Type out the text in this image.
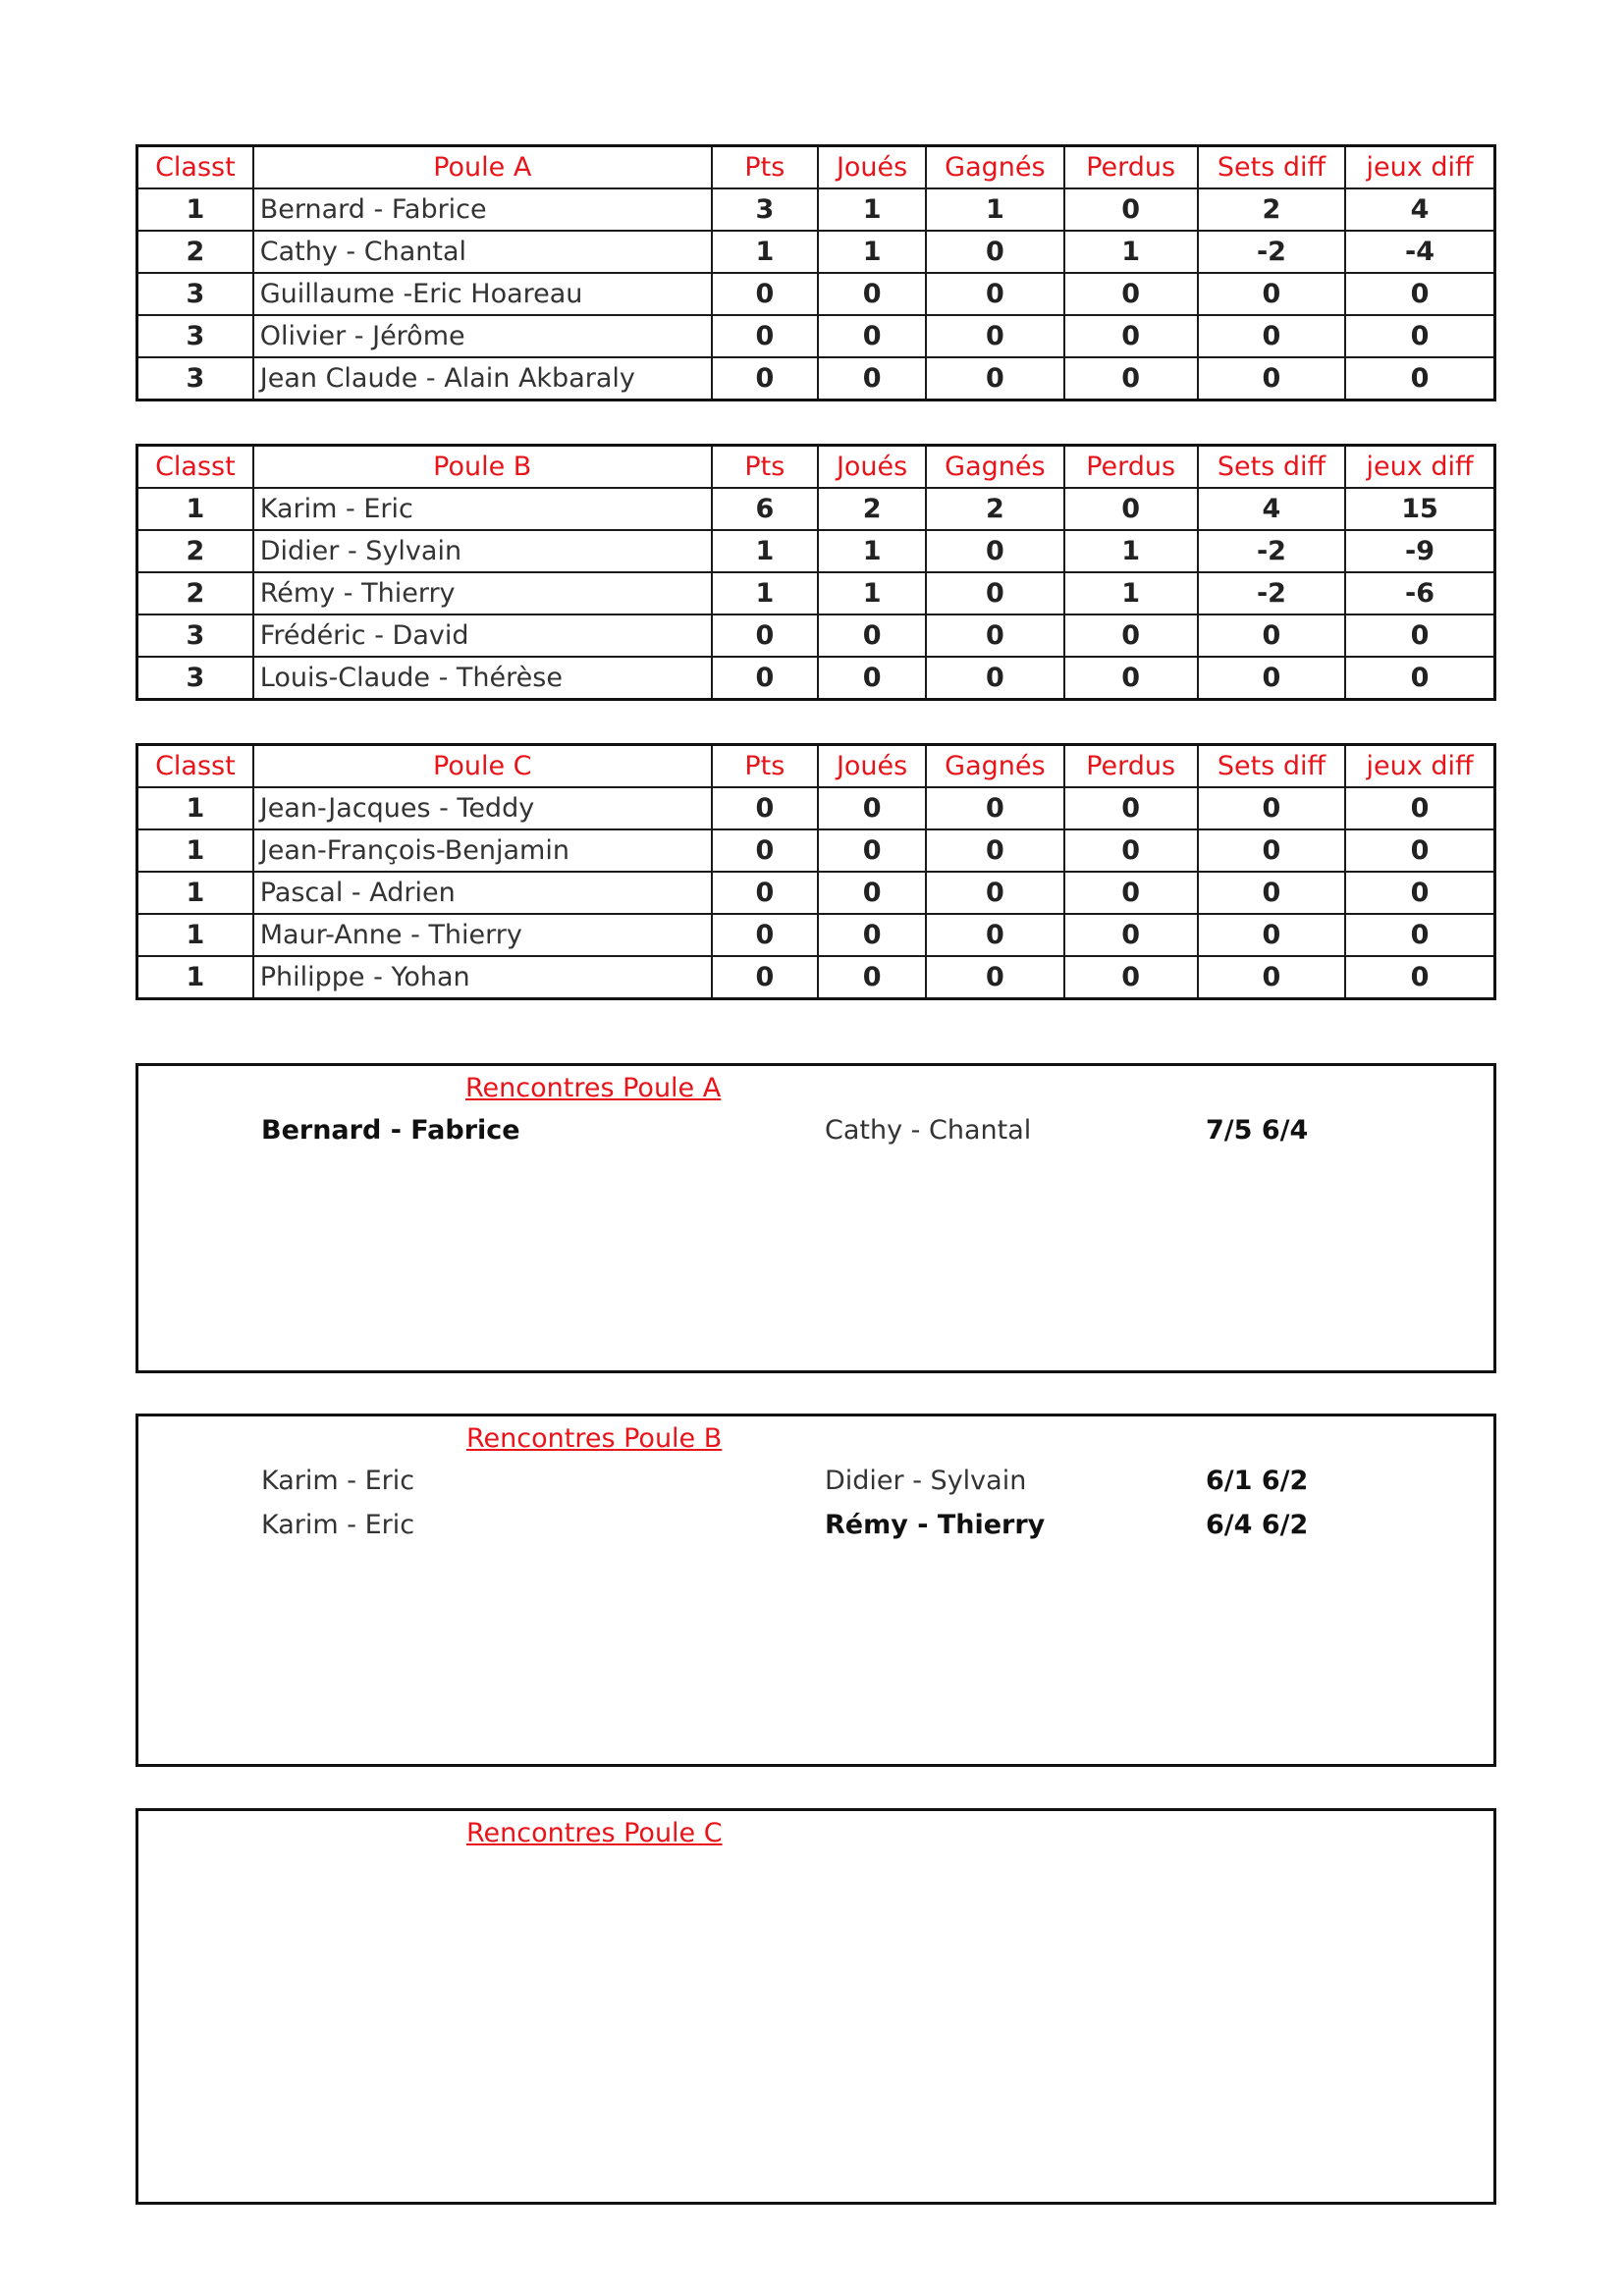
Classt	Poule A	Pts	Joués	Gagnés	Perdus	Sets diff	jeux diff
1	Bernard - Fabrice	3	1	1	0	2	4
2	Cathy - Chantal	1	1	0	1	-2	-4
3	Guillaume -Eric Hoareau	0	0	0	0	0	0
3	Olivier - Jérôme	0	0	0	0	0	0
3	Jean Claude - Alain Akbaraly	0	0	0	0	0	0
Classt	Poule B	Pts	Joués	Gagnés	Perdus	Sets diff	jeux diff
1	Karim - Eric	6	2	2	0	4	15
2	Didier - Sylvain	1	1	0	1	-2	-9
2	Rémy - Thierry	1	1	0	1	-2	-6
3	Frédéric - David	0	0	0	0	0	0
3	Louis-Claude - Thérèse	0	0	0	0	0	0
Classt	Poule C	Pts	Joués	Gagnés	Perdus	Sets diff	jeux diff
1	Jean-Jacques - Teddy	0	0	0	0	0	0
1	Jean-François-Benjamin	0	0	0	0	0	0
1	Pascal - Adrien	0	0	0	0	0	0
1	Maur-Anne - Thierry	0	0	0	0	0	0
1	Philippe - Yohan	0	0	0	0	0	0
Rencontres Poule A
Bernard - Fabrice	Cathy - Chantal	7/5 6/4
Rencontres Poule B
Karim - Eric	Didier - Sylvain	6/1 6/2
Karim - Eric	Rémy - Thierry	6/4 6/2
Rencontres Poule C
